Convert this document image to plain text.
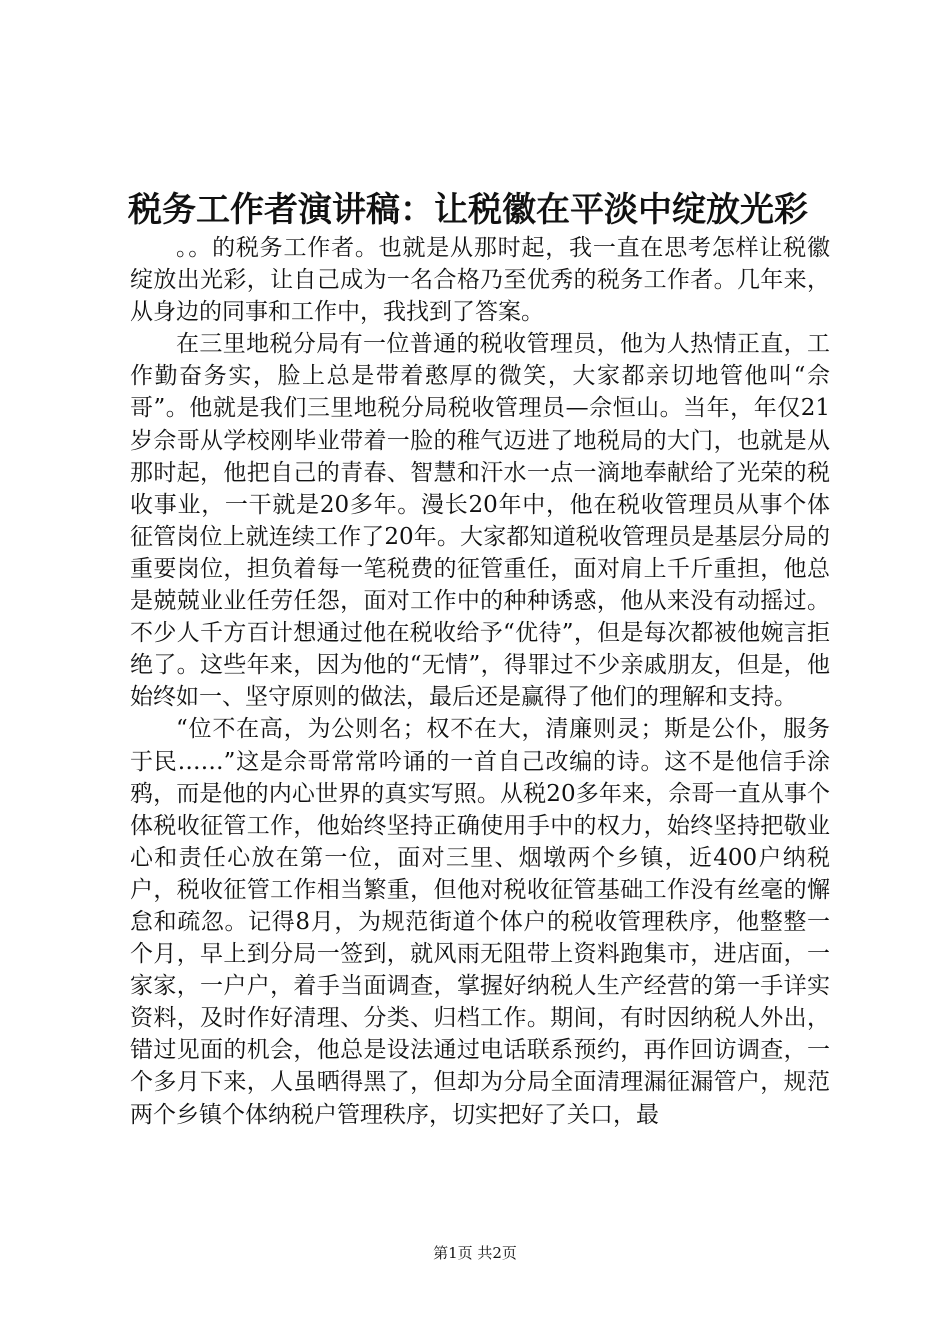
税务工作者演讲稿：让税徽在平淡中绽放光彩

。。的税务工作者。也就是从那时起，我一直在思考怎样让税徽绽放出光彩，让自己成为一名合格乃至优秀的税务工作者。几年来，从身边的同事和工作中，我找到了答案。

在三里地税分局有一位普通的税收管理员，他为人热情正直，工作勤奋务实，脸上总是带着憨厚的微笑，大家都亲切地管他叫“佘哥”。他就是我们三里地税分局税收管理员—佘恒山。当年，年仅21岁佘哥从学校刚毕业带着一脸的稚气迈进了地税局的大门，也就是从那时起，他把自己的青春、智慧和汗水一点一滴地奉献给了光荣的税收事业，一干就是20多年。漫长20年中，他在税收管理员从事个体征管岗位上就连续工作了20年。大家都知道税收管理员是基层分局的重要岗位，担负着每一笔税费的征管重任，面对肩上千斤重担，他总是兢兢业业任劳任怨，面对工作中的种种诱惑，他从来没有动摇过。不少人千方百计想通过他在税收给予“优待”，但是每次都被他婉言拒绝了。这些年来，因为他的“无情”，得罪过不少亲戚朋友，但是，他始终如一、坚守原则的做法，最后还是赢得了他们的理解和支持。

“位不在高，为公则名；权不在大，清廉则灵；斯是公仆，服务于民……”这是佘哥常常吟诵的一首自己改编的诗。这不是他信手涂鸦，而是他的内心世界的真实写照。从税20多年来，佘哥一直从事个体税收征管工作，他始终坚持正确使用手中的权力，始终坚持把敬业心和责任心放在第一位，面对三里、烟墩两个乡镇，近400户纳税户，税收征管工作相当繁重，但他对税收征管基础工作没有丝毫的懈怠和疏忽。记得8月，为规范街道个体户的税收管理秩序，他整整一个月，早上到分局一签到，就风雨无阻带上资料跑集市，进店面，一家家，一户户，着手当面调查，掌握好纳税人生产经营的第一手详实资料，及时作好清理、分类、归档工作。期间，有时因纳税人外出，错过见面的机会，他总是设法通过电话联系预约，再作回访调查，一个多月下来，人虽晒得黑了，但却为分局全面清理漏征漏管户，规范两个乡镇个体纳税户管理秩序，切实把好了关口，最

第1页 共2页
